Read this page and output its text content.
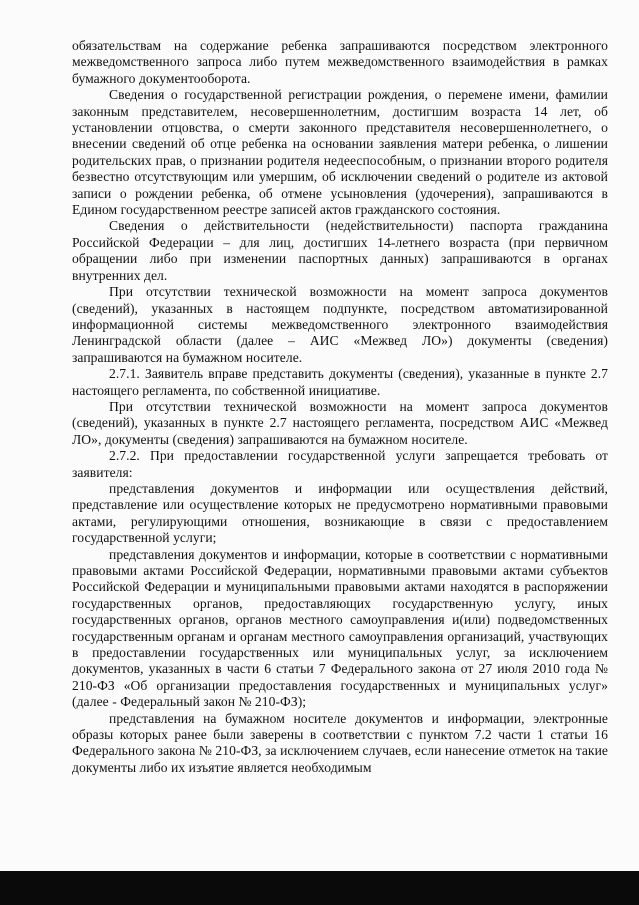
обязательствам на содержание ребенка запрашиваются посредством электронного межведомственного запроса либо путем межведомственного взаимодействия в рамках бумажного документооборота.

Сведения о государственной регистрации рождения, о перемене имени, фамилии законным представителем, несовершеннолетним, достигшим возраста 14 лет, об установлении отцовства, о смерти законного представителя несовершеннолетнего, о внесении сведений об отце ребенка на основании заявления матери ребенка, о лишении родительских прав, о признании родителя недееспособным, о признании второго родителя безвестно отсутствующим или умершим, об исключении сведений о родителе из актовой записи о рождении ребенка, об отмене усыновления (удочерения), запрашиваются в Едином государственном реестре записей актов гражданского состояния.

Сведения о действительности (недействительности) паспорта гражданина Российской Федерации – для лиц, достигших 14-летнего возраста (при первичном обращении либо при изменении паспортных данных) запрашиваются в органах внутренних дел.

При отсутствии технической возможности на момент запроса документов (сведений), указанных в настоящем подпункте, посредством автоматизированной информационной системы межведомственного электронного взаимодействия Ленинградской области (далее – АИС «Межвед ЛО») документы (сведения) запрашиваются на бумажном носителе.

2.7.1. Заявитель вправе представить документы (сведения), указанные в пункте 2.7 настоящего регламента, по собственной инициативе.

При отсутствии технической возможности на момент запроса документов (сведений), указанных в пункте 2.7 настоящего регламента, посредством АИС «Межвед ЛО», документы (сведения) запрашиваются на бумажном носителе.

2.7.2. При предоставлении государственной услуги запрещается требовать от заявителя:

представления документов и информации или осуществления действий, представление или осуществление которых не предусмотрено нормативными правовыми актами, регулирующими отношения, возникающие в связи с предоставлением государственной услуги;

представления документов и информации, которые в соответствии с нормативными правовыми актами Российской Федерации, нормативными правовыми актами субъектов Российской Федерации и муниципальными правовыми актами находятся в распоряжении государственных органов, предоставляющих государственную услугу, иных государственных органов, органов местного самоуправления и(или) подведомственных государственным органам и органам местного самоуправления организаций, участвующих в предоставлении государственных или муниципальных услуг, за исключением документов, указанных в части 6 статьи 7 Федерального закона от 27 июля 2010 года № 210-ФЗ «Об организации предоставления государственных и муниципальных услуг» (далее - Федеральный закон № 210-ФЗ);

представления на бумажном носителе документов и информации, электронные образы которых ранее были заверены в соответствии с пунктом 7.2 части 1 статьи 16 Федерального закона № 210-ФЗ, за исключением случаев, если нанесение отметок на такие документы либо их изъятие является необходимым
